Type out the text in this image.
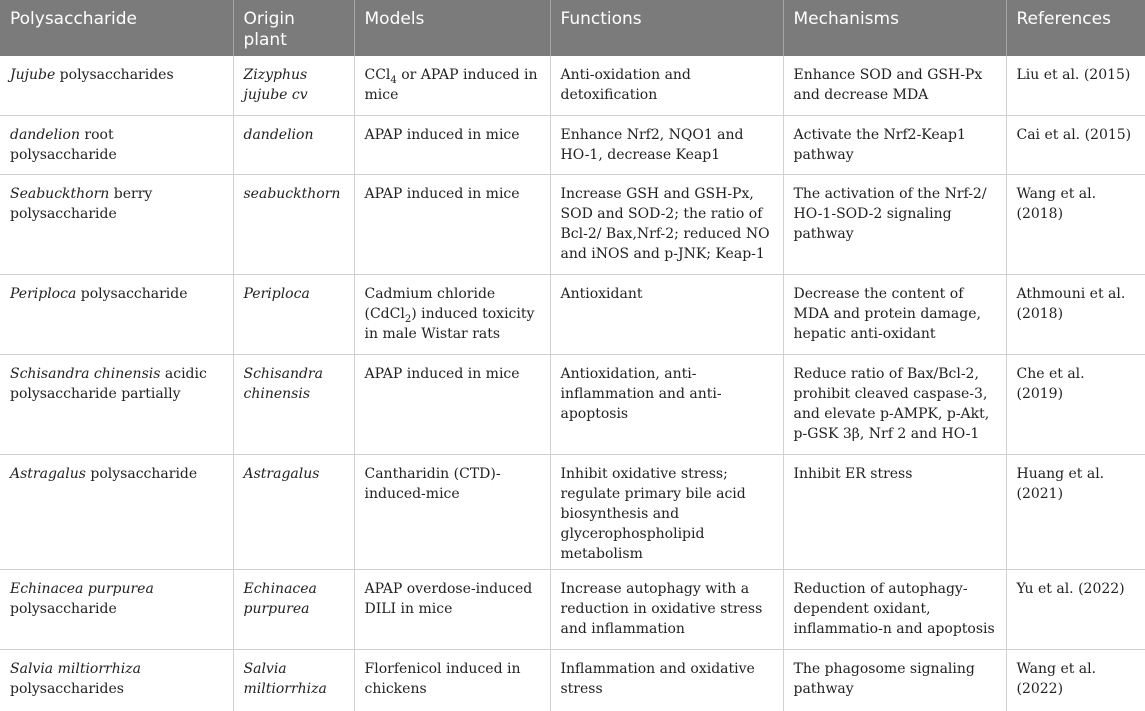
Polysaccharide	Origin plant	Models	Functions	Mechanisms	References
Jujube polysaccharides	Zizyphus jujube cv	CCl$_4$ or APAP induced in mice	Anti-oxidation and detoxification	Enhance SOD and GSH-Px and decrease MDA	Liu et al. (2015)
dandelion root polysaccharide	dandelion	APAP induced in mice	Enhance Nrf2, NQO1 and HO-1, decrease Keap1	Activate the Nrf2-Keap1 pathway	Cai et al. (2015)
Seabuckthorn berry polysaccharide	seabuckthorn	APAP induced in mice	Increase GSH and GSH-Px, SOD and SOD-2; the ratio of Bcl-2/ Bax,Nrf-2; reduced NO and iNOS and p-JNK; Keap-1	The activation of the Nrf-2/ HO-1-SOD-2 signaling pathway	Wang et al. (2018)
Periploca polysaccharide	Periploca	Cadmium chloride (CdCl$_2$) induced toxicity in male Wistar rats	Antioxidant	Decrease the content of MDA and protein damage, hepatic anti-oxidant	Athmouni et al. (2018)
Schisandra chinensis acidic polysaccharide partially	Schisandra chinensis	APAP induced in mice	Antioxidation, anti-inflammation and anti-apoptosis	Reduce ratio of Bax/Bcl-2, prohibit cleaved caspase-3, and elevate p-AMPK, p-Akt, p-GSK 3β, Nrf 2 and HO-1	Che et al. (2019)
Astragalus polysaccharide	Astragalus	Cantharidin (CTD)-induced-mice	Inhibit oxidative stress; regulate primary bile acid biosynthesis and glycerophospholipid metabolism	Inhibit ER stress	Huang et al. (2021)
Echinacea purpurea polysaccharide	Echinacea purpurea	APAP overdose-induced DILI in mice	Increase autophagy with a reduction in oxidative stress and inflammation	Reduction of autophagy-dependent oxidant, inflammatio-n and apoptosis	Yu et al. (2022)
Salvia miltiorrhiza polysaccharides	Salvia miltiorrhiza	Florfenicol induced in chickens	Inflammation and oxidative stress	The phagosome signaling pathway	Wang et al. (2022)
